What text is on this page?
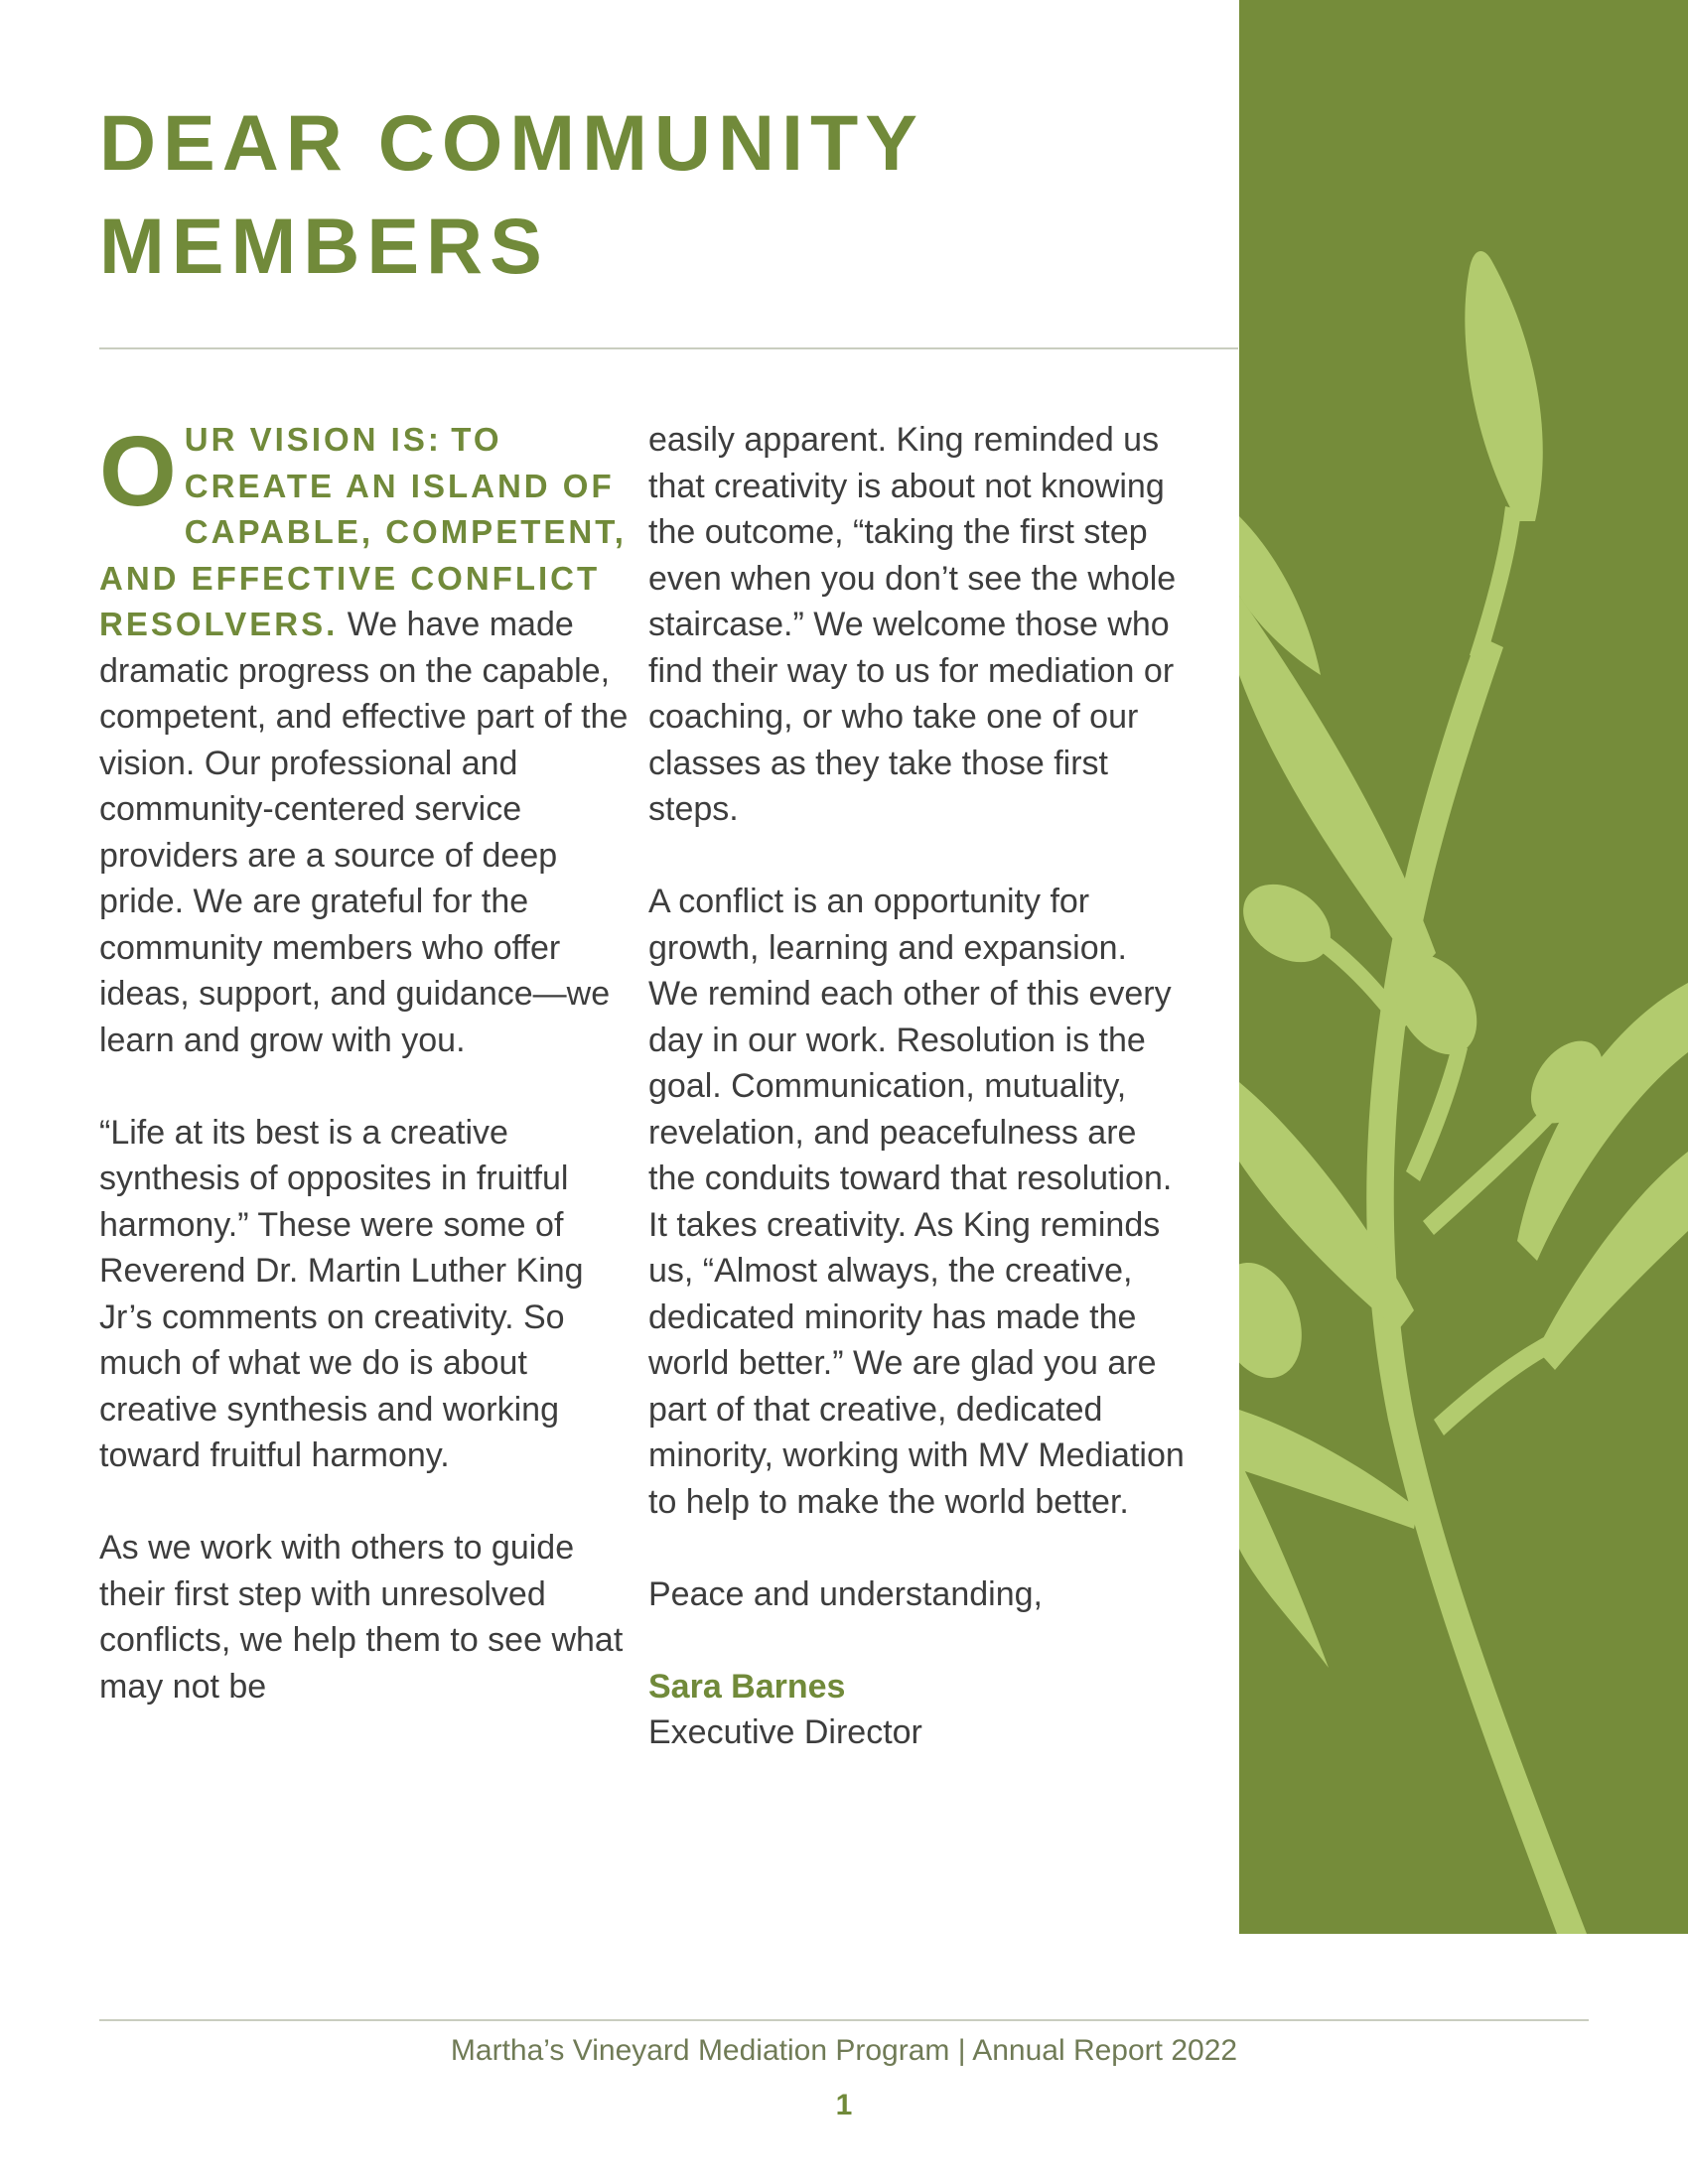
DEAR COMMUNITY
MEMBERS

O UR VISION IS: TO CREATE AN ISLAND OF CAPABLE, COMPETENT, AND EFFECTIVE CONFLICT RESOLVERS. We have made dramatic progress on the capable, competent, and effective part of the vision. Our professional and community-centered service providers are a source of deep pride. We are grateful for the community members who offer ideas, support, and guidance—we learn and grow with you.

“Life at its best is a creative synthesis of opposites in fruitful harmony.” These were some of Reverend Dr. Martin Luther King Jr’s comments on creativity. So much of what we do is about creative synthesis and working toward fruitful harmony.

As we work with others to guide their first step with unresolved conflicts, we help them to see what may not be

easily apparent. King reminded us that creativity is about not knowing the outcome, “taking the first step even when you don’t see the whole staircase.” We welcome those who find their way to us for mediation or coaching, or who take one of our classes as they take those first steps.

A conflict is an opportunity for growth, learning and expansion. We remind each other of this every day in our work. Resolution is the goal. Communication, mutuality, revelation, and peacefulness are the conduits toward that resolution. It takes creativity. As King reminds us, “Almost always, the creative, dedicated minority has made the world better.” We are glad you are part of that creative, dedicated minority, working with MV Mediation to help to make the world better.

Peace and understanding,

Sara Barnes
Executive Director

Martha’s Vineyard Mediation Program | Annual Report 2022
1
